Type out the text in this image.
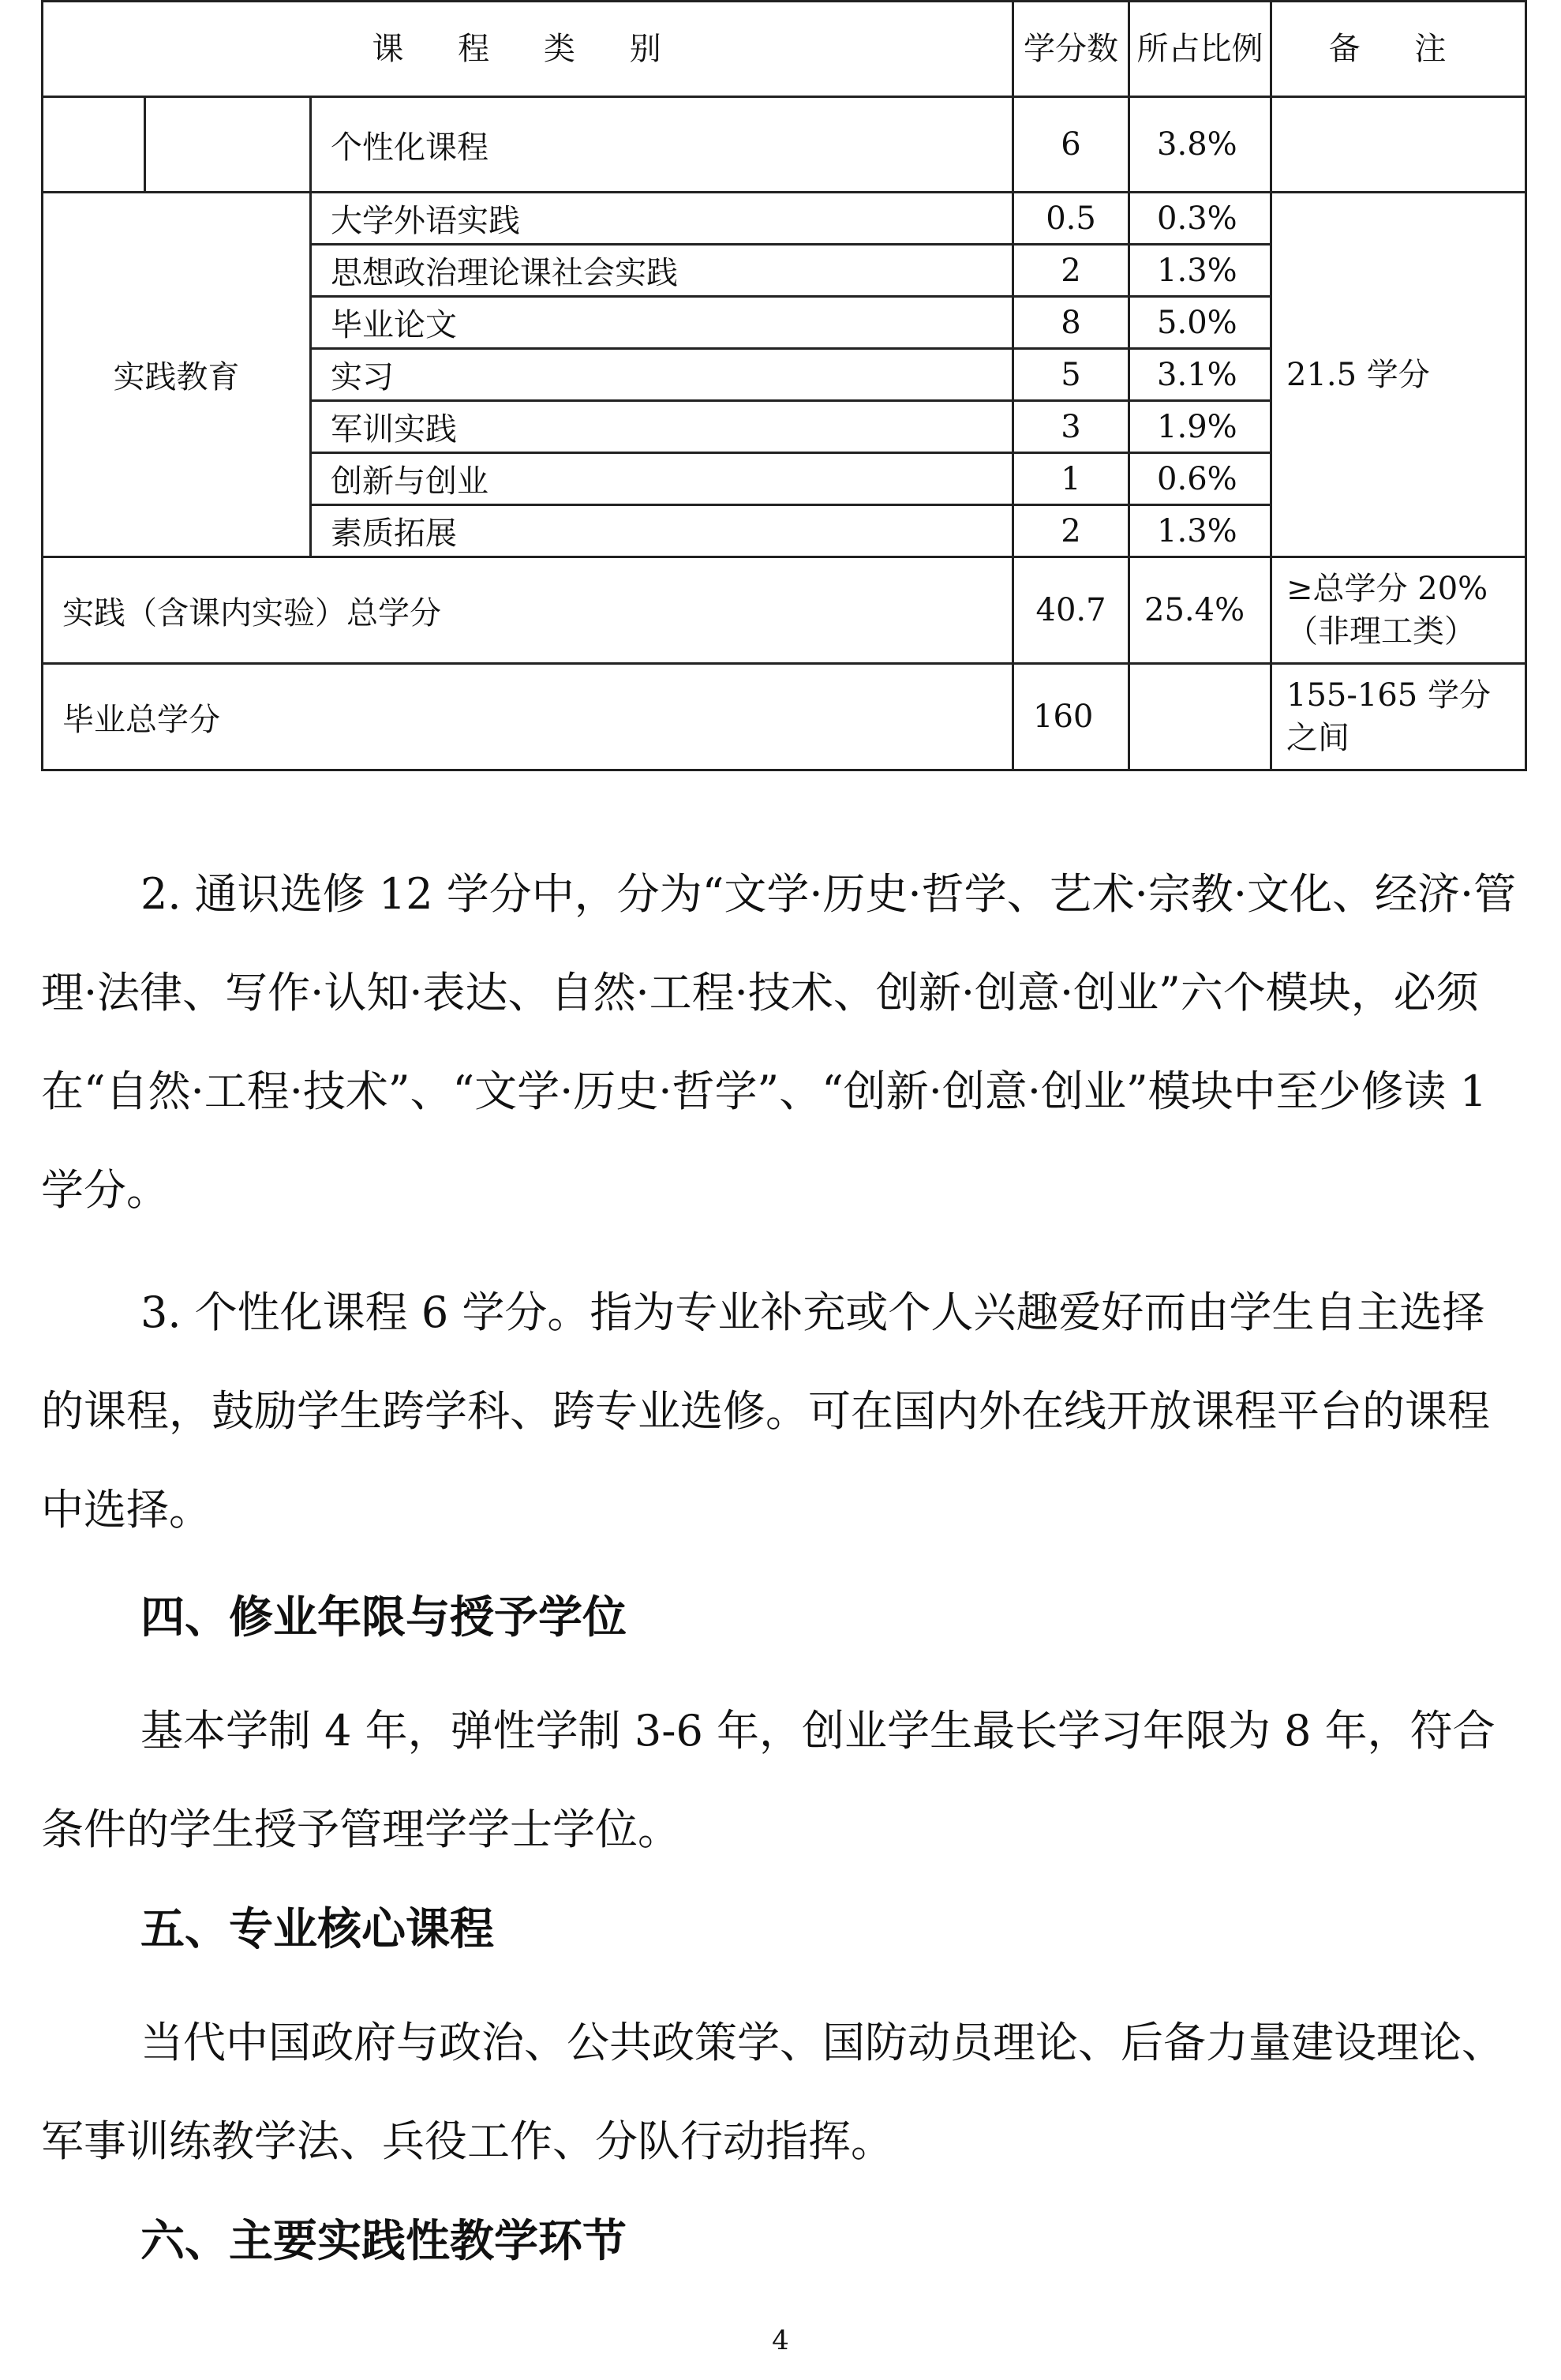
课 程 类 别			学分数	所占比例	备 注
		个性化课程	6	3.8%	
实践教育		大学外语实践	0.5	0.3%	21.5 学分
		思想政治理论课社会实践	2	1.3%	
		毕业论文	8	5.0%	
		实习	5	3.1%	
		军训实践	3	1.9%	
		创新与创业	1	0.6%	
		素质拓展	2	1.3%	
实践（含课内实验）总学分			40.7	25.4%	≥总学分 20%
（非理工类）

毕业总学分			160		155-165 学分
之间

2. 通识选修 12 学分中，分为“文学·历史·哲学、艺术·宗教·文化、经济·管理·法律、写作·认知·表达、自然·工程·技术、创新·创意·创业”六个模块，必须在“自然·工程·技术”、“文学·历史·哲学”、“创新·创意·创业”模块中至少修读 1 学分。

3. 个性化课程 6 学分。指为专业补充或个人兴趣爱好而由学生自主选择的课程，鼓励学生跨学科、跨专业选修。可在国内外在线开放课程平台的课程中选择。

四、修业年限与授予学位

基本学制 4 年，弹性学制 3-6 年，创业学生最长学习年限为 8 年，符合条件的学生授予管理学学士学位。

五、专业核心课程

当代中国政府与政治、公共政策学、国防动员理论、后备力量建设理论、军事训练教学法、兵役工作、分队行动指挥。

六、主要实践性教学环节
4
